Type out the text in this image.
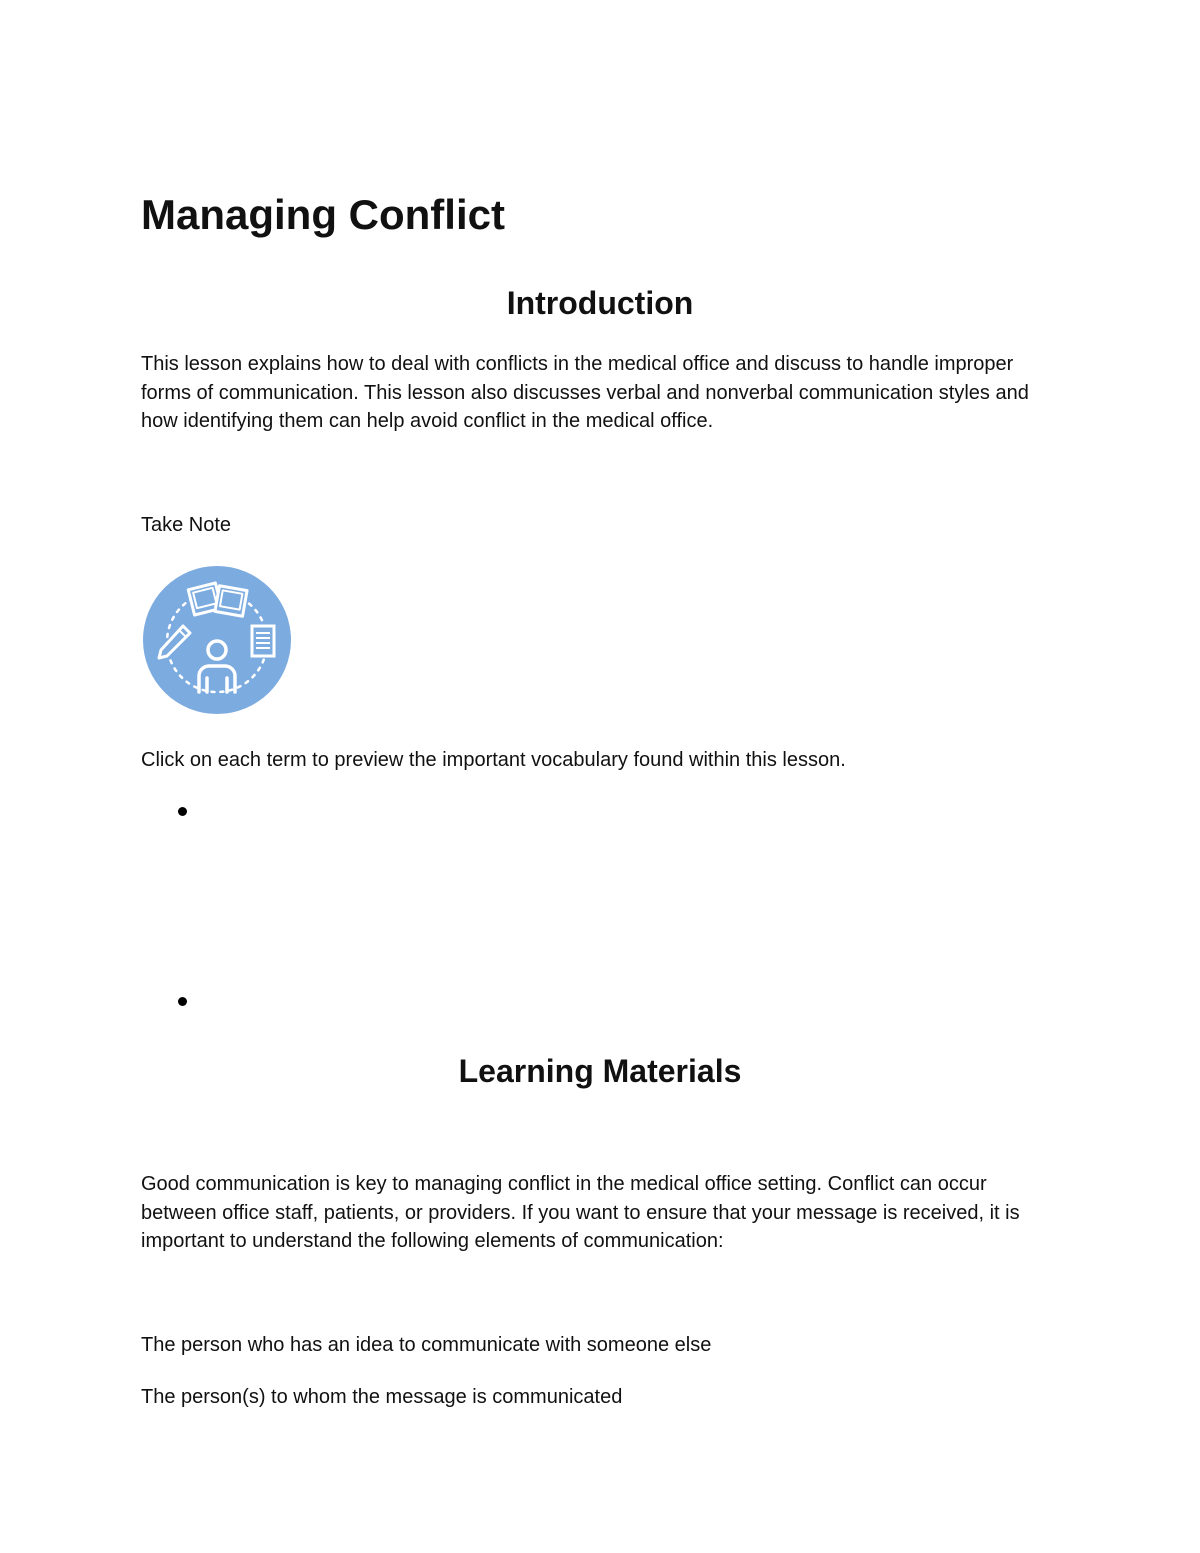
Managing Conflict
Introduction

This lesson explains how to deal with conflicts in the medical office and discuss to handle improper forms of communication. This lesson also discusses verbal and nonverbal communication styles and how identifying them can help avoid conflict in the medical office.

Take Note

Click on each term to preview the important vocabulary found within this lesson.

Learning Materials

Good communication is key to managing conflict in the medical office setting. Conflict can occur between office staff, patients, or providers. If you want to ensure that your message is received, it is important to understand the following elements of communication:

The person who has an idea to communicate with someone else

The person(s) to whom the message is communicated
